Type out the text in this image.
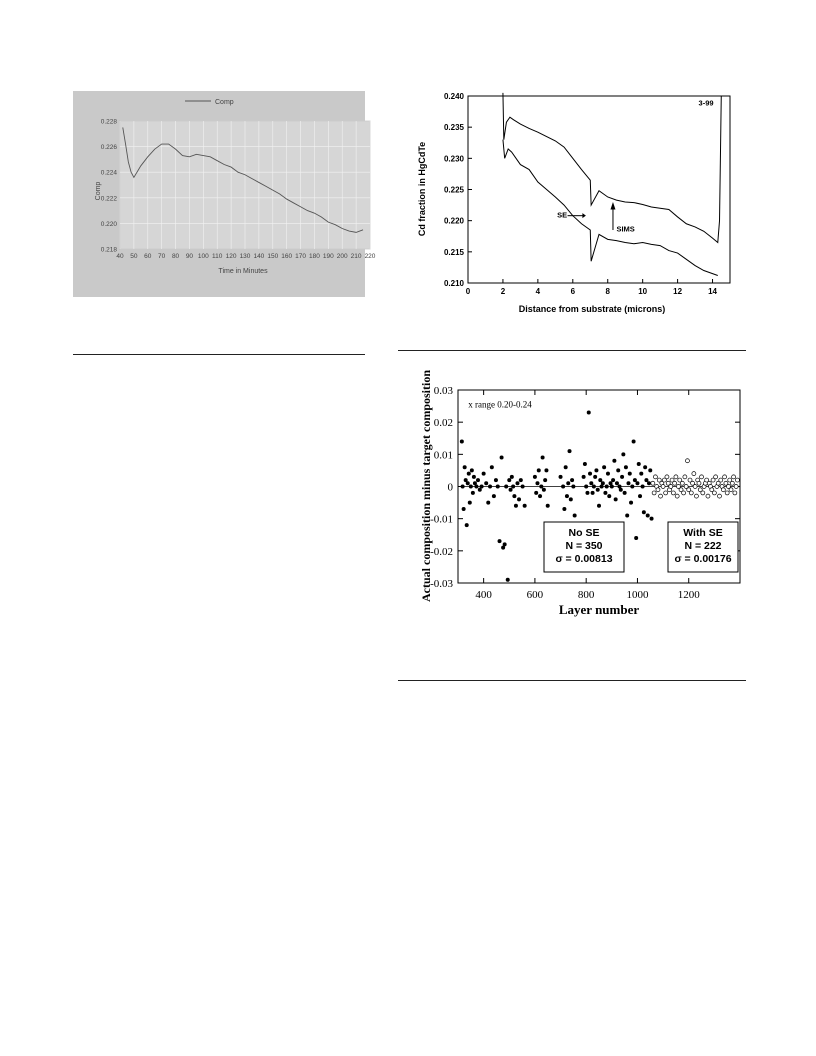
Comp
0.218
0.220
0.222
0.224
0.226
0.228
40 50 60 70 80 90 100 110 120 130 140 150 160 170 180 190 200 210 220
Time in Minutes
Comp
0.210
0.215
0.220
0.225
0.230
0.235
0.240
0	2	4	6	8	10	12	14
3-99
SE
SIMS
Distance from substrate (microns)
Cd fraction in HgCdTe
-0.03
-0.02
-0.01
0
0.01
0.02
0.03
400	600	800	1000	1200
x range 0.20-0.24
No SE
N = 350
σ = 0.00813
With SE
N = 222
σ = 0.00176
Layer number
Actual composition minus target composition
